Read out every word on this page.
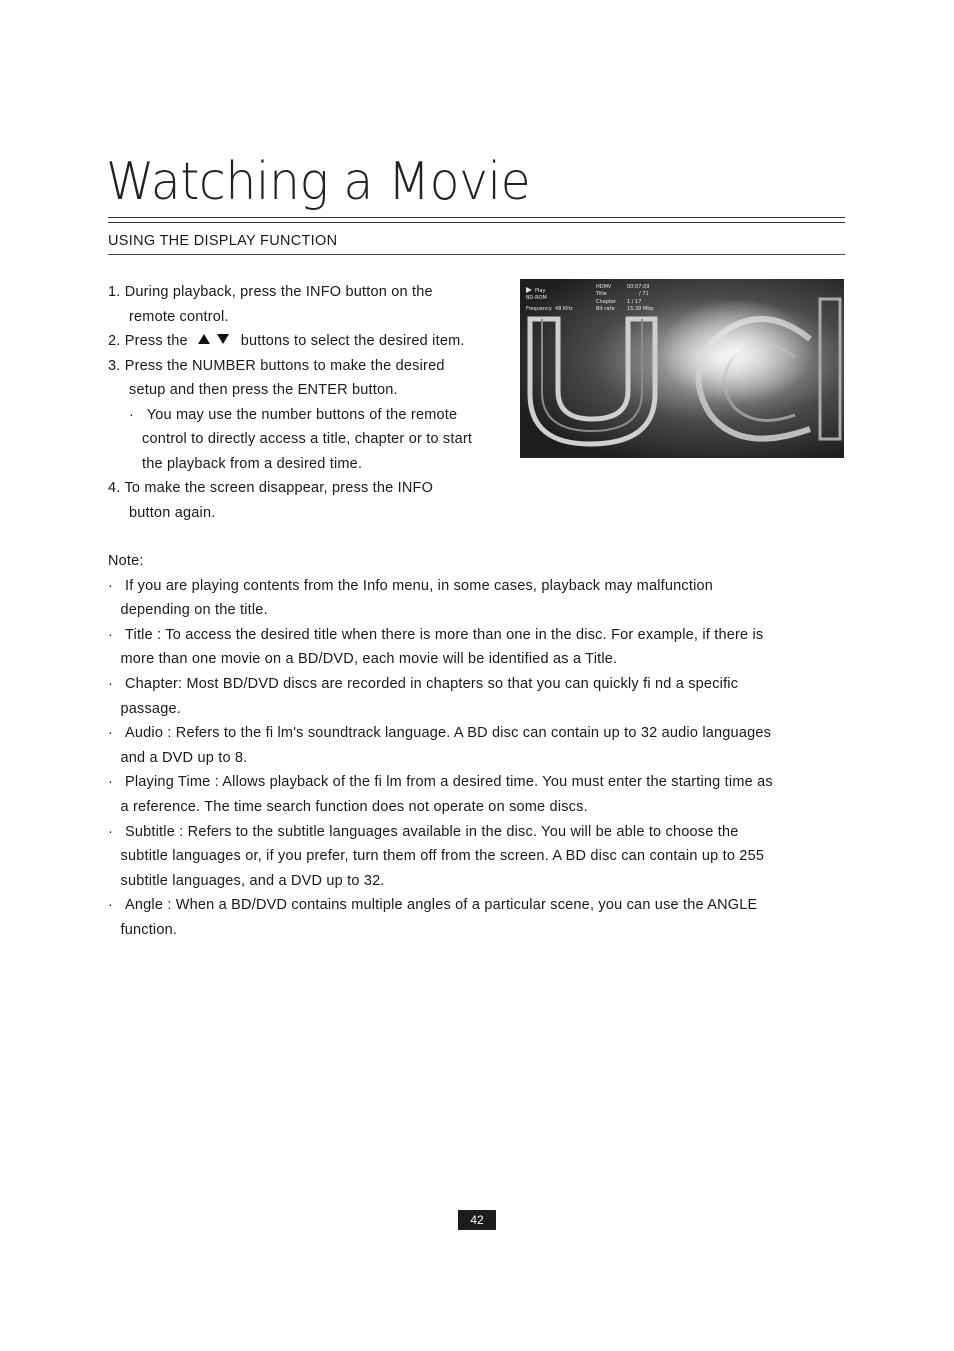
Watching a Movie
USING THE DISPLAY FUNCTION

1. During playback, press the INFO button on the

remote control.

2. Press the	buttons to select the desired item.

3. Press the NUMBER buttons to make the desired

setup and then press the ENTER button.

· You may use the number buttons of the remote

control to directly access a title, chapter or to start

the playback from a desired time.

4. To make the screen disappear, press the INFO

button again.

Play
BD-ROM
Frequency 48 KHz
HDMV
Title
Chapter
Bit rate
00:07:09
/ 71
1 / 17
15.39 Mbp

Note:

· If you are playing contents from the Info menu, in some cases, playback may malfunction

depending on the title.

· Title : To access the desired title when there is more than one in the disc. For example, if there is

more than one movie on a BD/DVD, each movie will be identified as a Title.

· Chapter: Most BD/DVD discs are recorded in chapters so that you can quickly fi nd a specific

passage.

· Audio : Refers to the fi lm's soundtrack language. A BD disc can contain up to 32 audio languages

and a DVD up to 8.

· Playing Time : Allows playback of the fi lm from a desired time. You must enter the starting time as

a reference. The time search function does not operate on some discs.

· Subtitle : Refers to the subtitle languages available in the disc. You will be able to choose the

subtitle languages or, if you prefer, turn them off from the screen. A BD disc can contain up to 255

subtitle languages, and a DVD up to 32.

· Angle : When a BD/DVD contains multiple angles of a particular scene, you can use the ANGLE

function.

42
